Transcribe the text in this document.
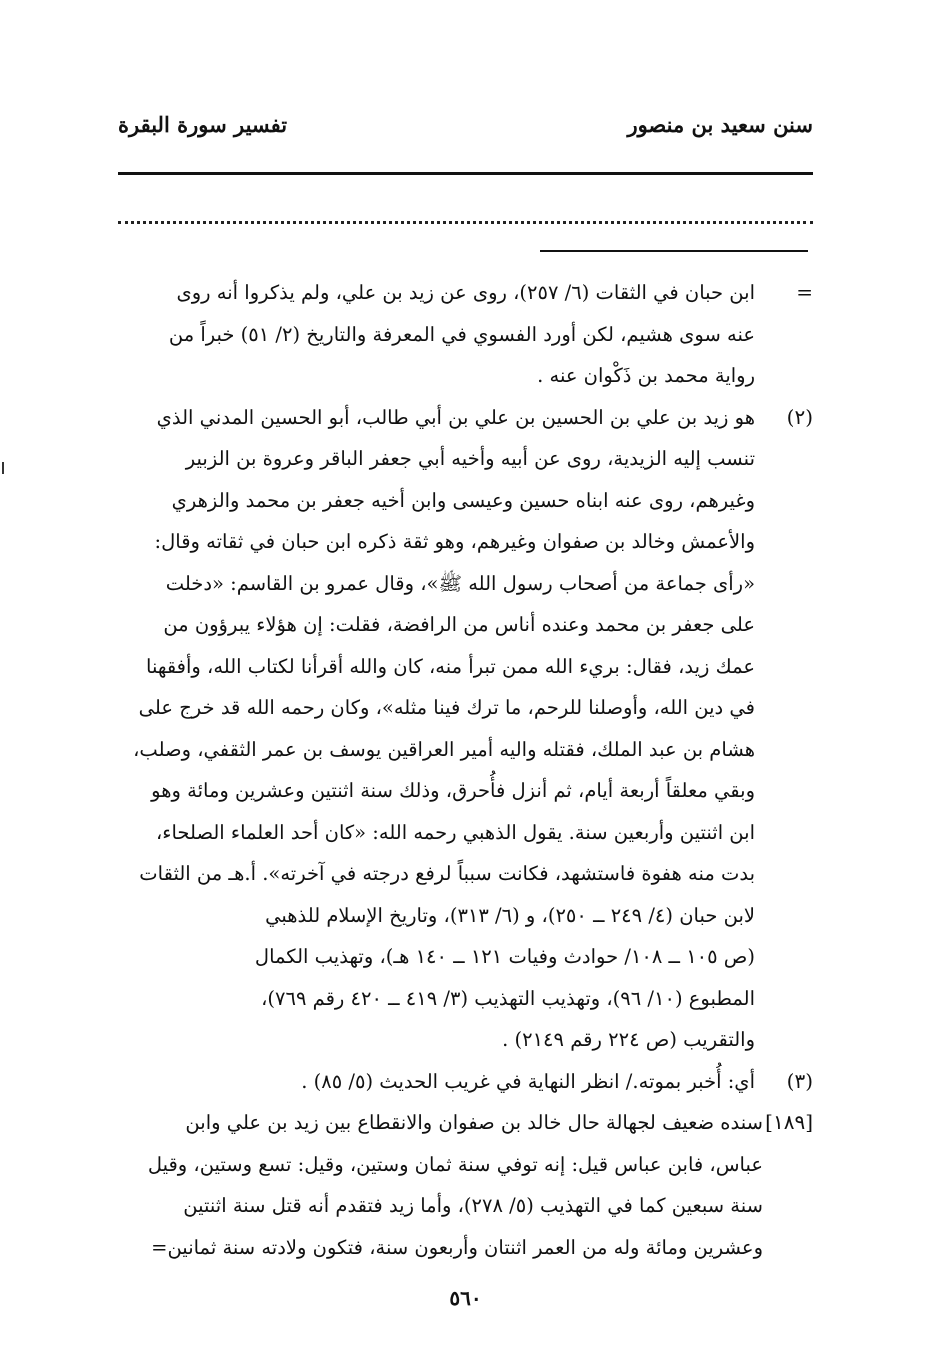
سنن سعيد بن منصور
تفسير سورة البقرة
=

ابن حبان في الثقات (٦/ ٢٥٧)، روى عن زيد بن علي، ولم يذكروا أنه روى

عنه سوى هشيم، لكن أورد الفسوي في المعرفة والتاريخ (٢/ ٥١) خبراً من

رواية محمد بن ذَكْوان عنه .

(٢)

هو زيد بن علي بن الحسين بن علي بن أبي طالب، أبو الحسين المدني الذي

تنسب إليه الزيدية، روى عن أبيه وأخيه أبي جعفر الباقر وعروة بن الزبير

وغيرهم، روى عنه ابناه حسين وعيسى وابن أخيه جعفر بن محمد والزهري

والأعمش وخالد بن صفوان وغيرهم، وهو ثقة ذكره ابن حبان في ثقاته وقال:

«رأى جماعة من أصحاب رسول الله ﷺ»، وقال عمرو بن القاسم: «دخلت

على جعفر بن محمد وعنده أناس من الرافضة، فقلت: إن هؤلاء يبرؤون من

عمك زيد، فقال: بريء الله ممن تبرأ منه، كان والله أقرأنا لكتاب الله، وأفقهنا

في دين الله، وأوصلنا للرحم، ما ترك فينا مثله»، وكان رحمه الله قد خرج على

هشام بن عبد الملك، فقتله واليه أمير العراقين يوسف بن عمر الثقفي، وصلب،

وبقي معلقاً أربعة أيام، ثم أنزل فأُحرق، وذلك سنة اثنتين وعشرين ومائة وهو

ابن اثنتين وأربعين سنة. يقول الذهبي رحمه الله: «كان أحد العلماء الصلحاء،

بدت منه هفوة فاستشهد، فكانت سبباً لرفع درجته في آخرته». أ.هـ من الثقات

لابن حبان (٤/ ٢٤٩ ــ ٢٥٠)، و (٦/ ٣١٣)، وتاريخ الإسلام للذهبي

(ص ١٠٥ ــ ١٠٨/ حوادث وفيات ١٢١ ــ ١٤٠ هـ)، وتهذيب الكمال

المطبوع (١٠/ ٩٦)، وتهذيب التهذيب (٣/ ٤١٩ ــ ٤٢٠ رقم ٧٦٩)،

والتقريب (ص ٢٢٤ رقم ٢١٤٩) .

(٣)

أي: أُخبر بموته./ انظر النهاية في غريب الحديث (٥/ ٨٥) .

[١٨٩]

سنده ضعيف لجهالة حال خالد بن صفوان والانقطاع بين زيد بن علي وابن

عباس، فابن عباس قيل: إنه توفي سنة ثمان وستين، وقيل: تسع وستين، وقيل

سنة سبعين كما في التهذيب (٥/ ٢٧٨)، وأما زيد فتقدم أنه قتل سنة اثنتين

وعشرين ومائة وله من العمر اثنتان وأربعون سنة، فتكون ولادته سنة ثمانين=

٥٦٠
